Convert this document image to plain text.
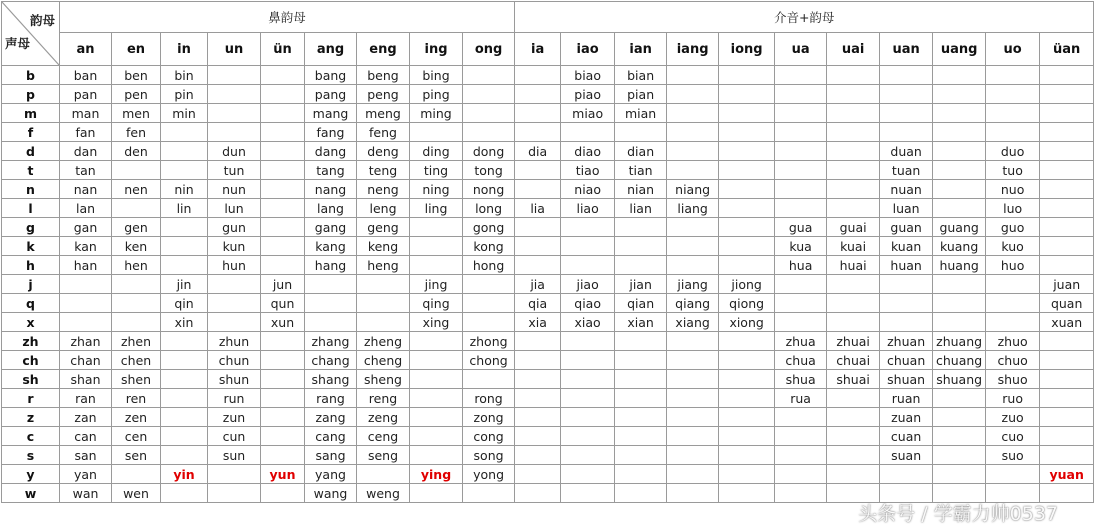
韵母
声母	鼻韵母									介音+韵母										
	an	en	in	un	ün	ang	eng	ing	ong	ia	iao	ian	iang	iong	ua	uai	uan	uang	uo	üan
b	ban	ben	bin			bang	beng	bing			biao	bian								
p	pan	pen	pin			pang	peng	ping			piao	pian								
m	man	men	min			mang	meng	ming			miao	mian								
f	fan	fen				fang	feng													
d	dan	den		dun		dang	deng	ding	dong	dia	diao	dian					duan		duo	
t	tan			tun		tang	teng	ting	tong		tiao	tian					tuan		tuo	
n	nan	nen	nin	nun		nang	neng	ning	nong		niao	nian	niang				nuan		nuo	
l	lan		lin	lun		lang	leng	ling	long	lia	liao	lian	liang				luan		luo	
g	gan	gen		gun		gang	geng		gong						gua	guai	guan	guang	guo	
k	kan	ken		kun		kang	keng		kong						kua	kuai	kuan	kuang	kuo	
h	han	hen		hun		hang	heng		hong						hua	huai	huan	huang	huo	
j			jin		jun			jing		jia	jiao	jian	jiang	jiong						juan
q			qin		qun			qing		qia	qiao	qian	qiang	qiong						quan
x			xin		xun			xing		xia	xiao	xian	xiang	xiong						xuan
zh	zhan	zhen		zhun		zhang	zheng		zhong						zhua	zhuai	zhuan	zhuang	zhuo	
ch	chan	chen		chun		chang	cheng		chong						chua	chuai	chuan	chuang	chuo	
sh	shan	shen		shun		shang	sheng								shua	shuai	shuan	shuang	shuo	
r	ran	ren		run		rang	reng		rong						rua		ruan		ruo	
z	zan	zen		zun		zang	zeng		zong								zuan		zuo	
c	can	cen		cun		cang	ceng		cong								cuan		cuo	
s	san	sen		sun		sang	seng		song								suan		suo	
y	yan		yin		yun	yang		ying	yong											yuan
w	wan	wen				wang	weng													
头条号 / 学霸力帅0537
